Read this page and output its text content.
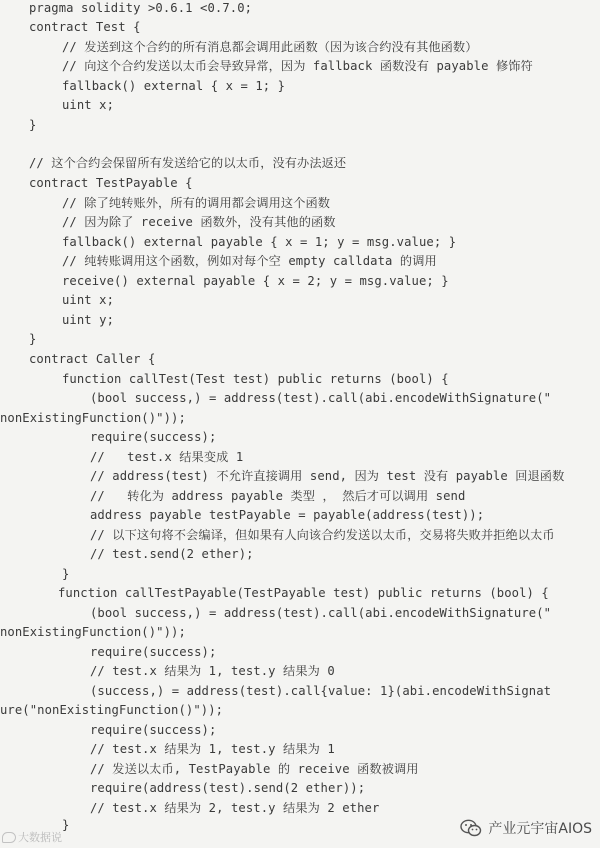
pragma solidity >0.6.1 <0.7.0;
contract Test {
// 发送到这个合约的所有消息都会调用此函数（因为该合约没有其他函数）
// 向这个合约发送以太币会导致异常，因为 fallback 函数没有 payable 修饰符
fallback() external { x = 1; }
uint x;
}
// 这个合约会保留所有发送给它的以太币，没有办法返还
contract TestPayable {
// 除了纯转账外，所有的调用都会调用这个函数
// 因为除了 receive 函数外，没有其他的函数
fallback() external payable { x = 1; y = msg.value; }
// 纯转账调用这个函数，例如对每个空 empty calldata 的调用
receive() external payable { x = 2; y = msg.value; }
uint x;
uint y;
}
contract Caller {
function callTest(Test test) public returns (bool) {
(bool success,) = address(test).call(abi.encodeWithSignature("
nonExistingFunction()"));
require(success);
//   test.x 结果变成 1
// address(test) 不允许直接调用 send, 因为 test 没有 payable 回退函数
//   转化为 address payable 类型 ， 然后才可以调用 send
address payable testPayable = payable(address(test));
// 以下这句将不会编译，但如果有人向该合约发送以太币，交易将失败并拒绝以太币
// test.send(2 ether);
}
function callTestPayable(TestPayable test) public returns (bool) {
(bool success,) = address(test).call(abi.encodeWithSignature("
nonExistingFunction()"));
require(success);
// test.x 结果为 1, test.y 结果为 0
(success,) = address(test).call{value: 1}(abi.encodeWithSignat
ure("nonExistingFunction()"));
require(success);
// test.x 结果为 1, test.y 结果为 1
// 发送以太币, TestPayable 的 receive 函数被调用
require(address(test).send(2 ether));
// test.x 结果为 2, test.y 结果为 2 ether
}
大数据说
产业元宇宙AIOS
